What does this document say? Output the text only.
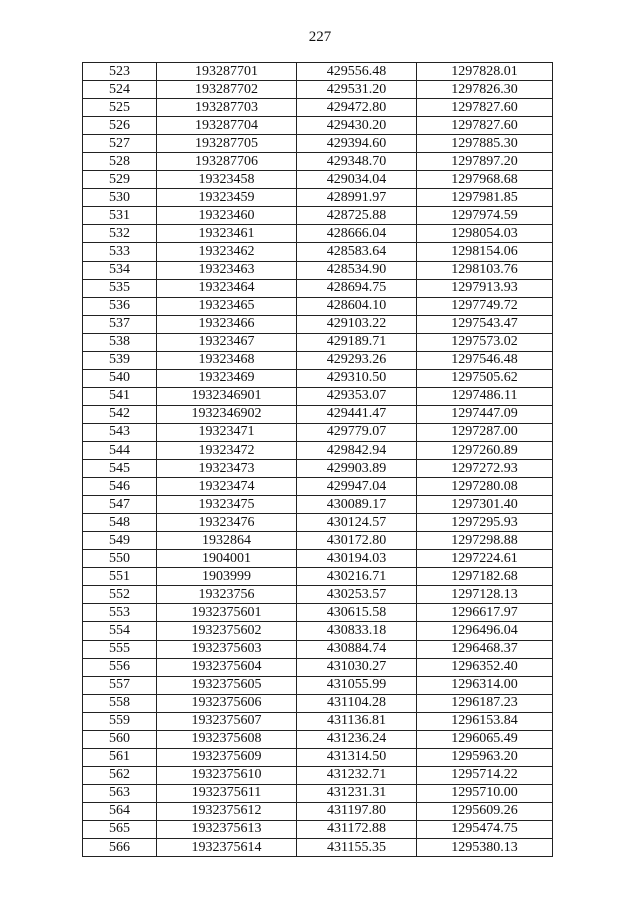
227
523	193287701	429556.48	1297828.01
524	193287702	429531.20	1297826.30
525	193287703	429472.80	1297827.60
526	193287704	429430.20	1297827.60
527	193287705	429394.60	1297885.30
528	193287706	429348.70	1297897.20
529	19323458	429034.04	1297968.68
530	19323459	428991.97	1297981.85
531	19323460	428725.88	1297974.59
532	19323461	428666.04	1298054.03
533	19323462	428583.64	1298154.06
534	19323463	428534.90	1298103.76
535	19323464	428694.75	1297913.93
536	19323465	428604.10	1297749.72
537	19323466	429103.22	1297543.47
538	19323467	429189.71	1297573.02
539	19323468	429293.26	1297546.48
540	19323469	429310.50	1297505.62
541	1932346901	429353.07	1297486.11
542	1932346902	429441.47	1297447.09
543	19323471	429779.07	1297287.00
544	19323472	429842.94	1297260.89
545	19323473	429903.89	1297272.93
546	19323474	429947.04	1297280.08
547	19323475	430089.17	1297301.40
548	19323476	430124.57	1297295.93
549	1932864	430172.80	1297298.88
550	1904001	430194.03	1297224.61
551	1903999	430216.71	1297182.68
552	19323756	430253.57	1297128.13
553	1932375601	430615.58	1296617.97
554	1932375602	430833.18	1296496.04
555	1932375603	430884.74	1296468.37
556	1932375604	431030.27	1296352.40
557	1932375605	431055.99	1296314.00
558	1932375606	431104.28	1296187.23
559	1932375607	431136.81	1296153.84
560	1932375608	431236.24	1296065.49
561	1932375609	431314.50	1295963.20
562	1932375610	431232.71	1295714.22
563	1932375611	431231.31	1295710.00
564	1932375612	431197.80	1295609.26
565	1932375613	431172.88	1295474.75
566	1932375614	431155.35	1295380.13
